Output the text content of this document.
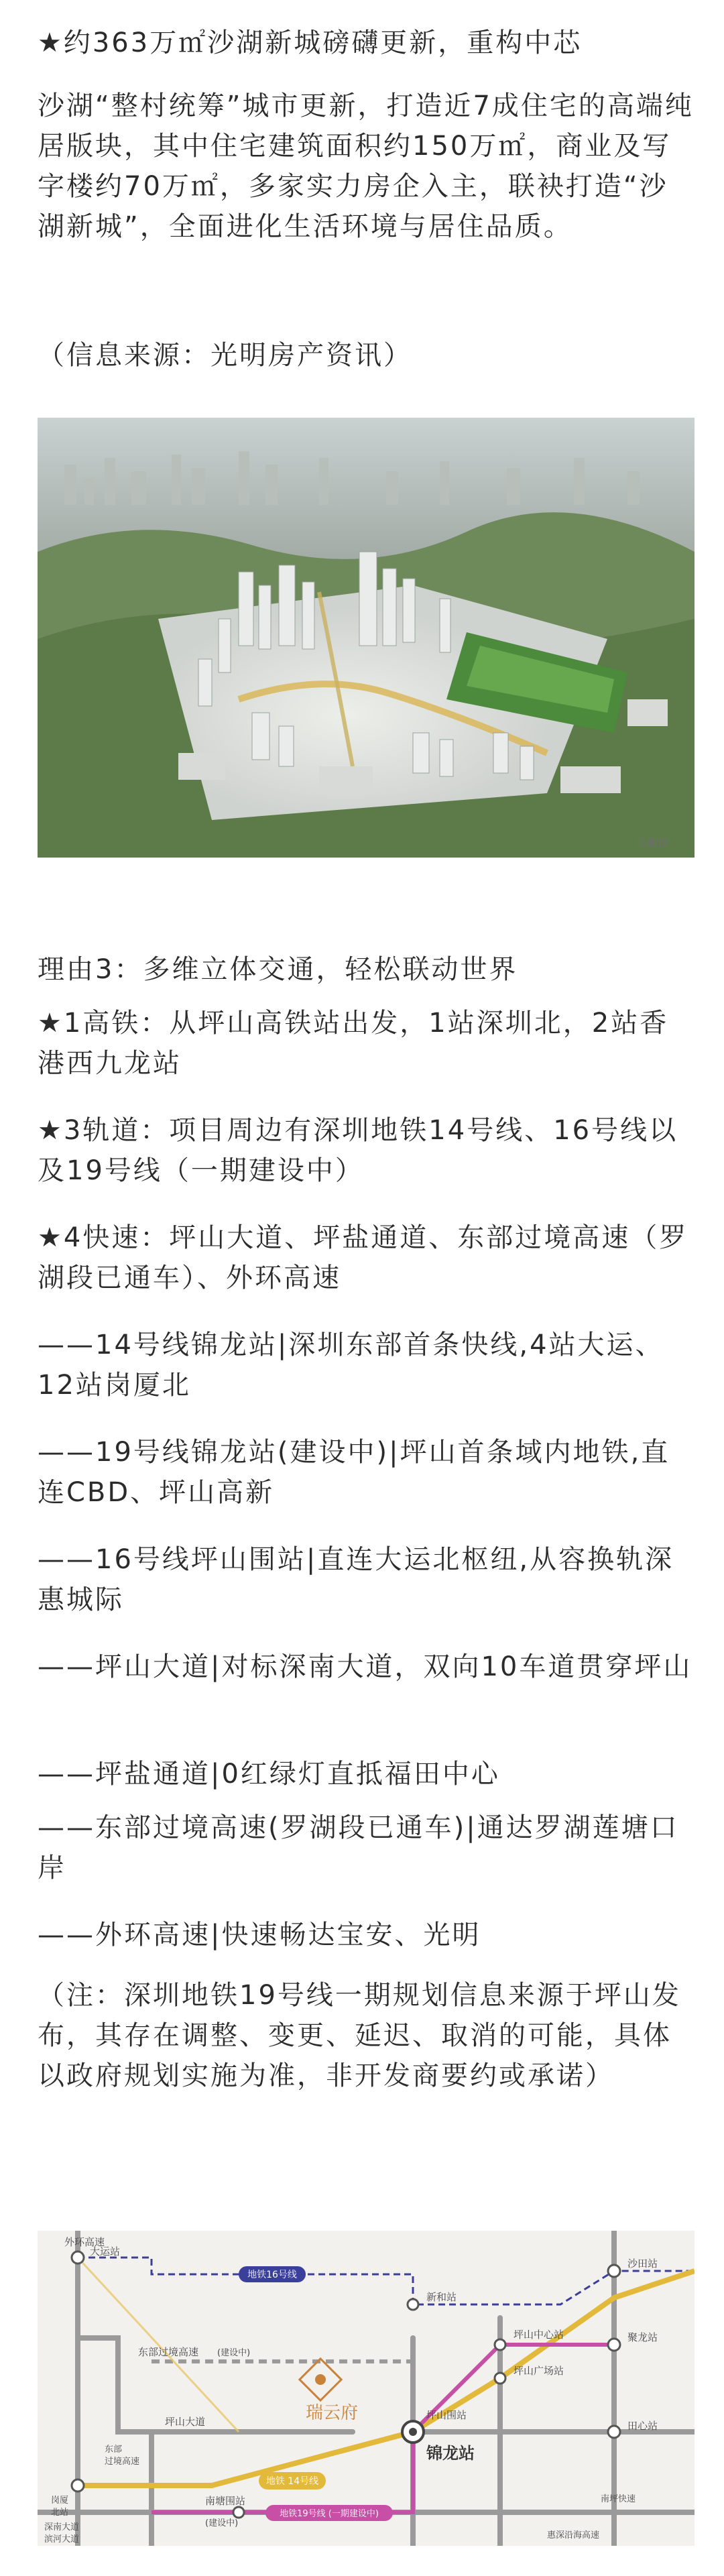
★约363万㎡沙湖新城磅礴更新，重构中芯

沙湖“整村统筹”城市更新，打造近7成住宅的高端纯居版块，其中住宅建筑面积约150万㎡，商业及写字楼约70万㎡，多家实力房企入主，联袂打造“沙湖新城”，全面进化生活环境与居住品质。

（信息来源：光明房产资讯）

鸟瞰图

理由3：多维立体交通，轻松联动世界

★1高铁：从坪山高铁站出发，1站深圳北，2站香港西九龙站

★3轨道：项目周边有深圳地铁14号线、16号线以及19号线（一期建设中）

★4快速：坪山大道、坪盐通道、东部过境高速（罗湖段已通车）、外环高速

——14号线锦龙站|深圳东部首条快线,4站大运、12站岗厦北

——19号线锦龙站(建设中)|坪山首条域内地铁,直连CBD、坪山高新

——16号线坪山围站|直连大运北枢纽,从容换轨深惠城际

——坪山大道|对标深南大道，双向10车道贯穿坪山

——坪盐通道|0红绿灯直抵福田中心

——东部过境高速(罗湖段已通车)|通达罗湖莲塘口岸

——外环高速|快速畅达宝安、光明

（注：深圳地铁19号线一期规划信息来源于坪山发布，其存在调整、变更、延迟、取消的可能，具体以政府规划实施为准，非开发商要约或承诺）

瑞云府
外环高速
大运站
东部过境高速 (建设中)
东部
过境高速
坪山大道
岗厦
北站
深南大道
滨河大道
新和站
坪山中心站
坪山广场站
坪山围站
沙田站
聚龙站
田心站
南塘围站
(建设中)
锦龙站
南坪快速
惠深沿海高速
地铁16号线
地铁 14号线
地铁19号线 (一期建设中)
